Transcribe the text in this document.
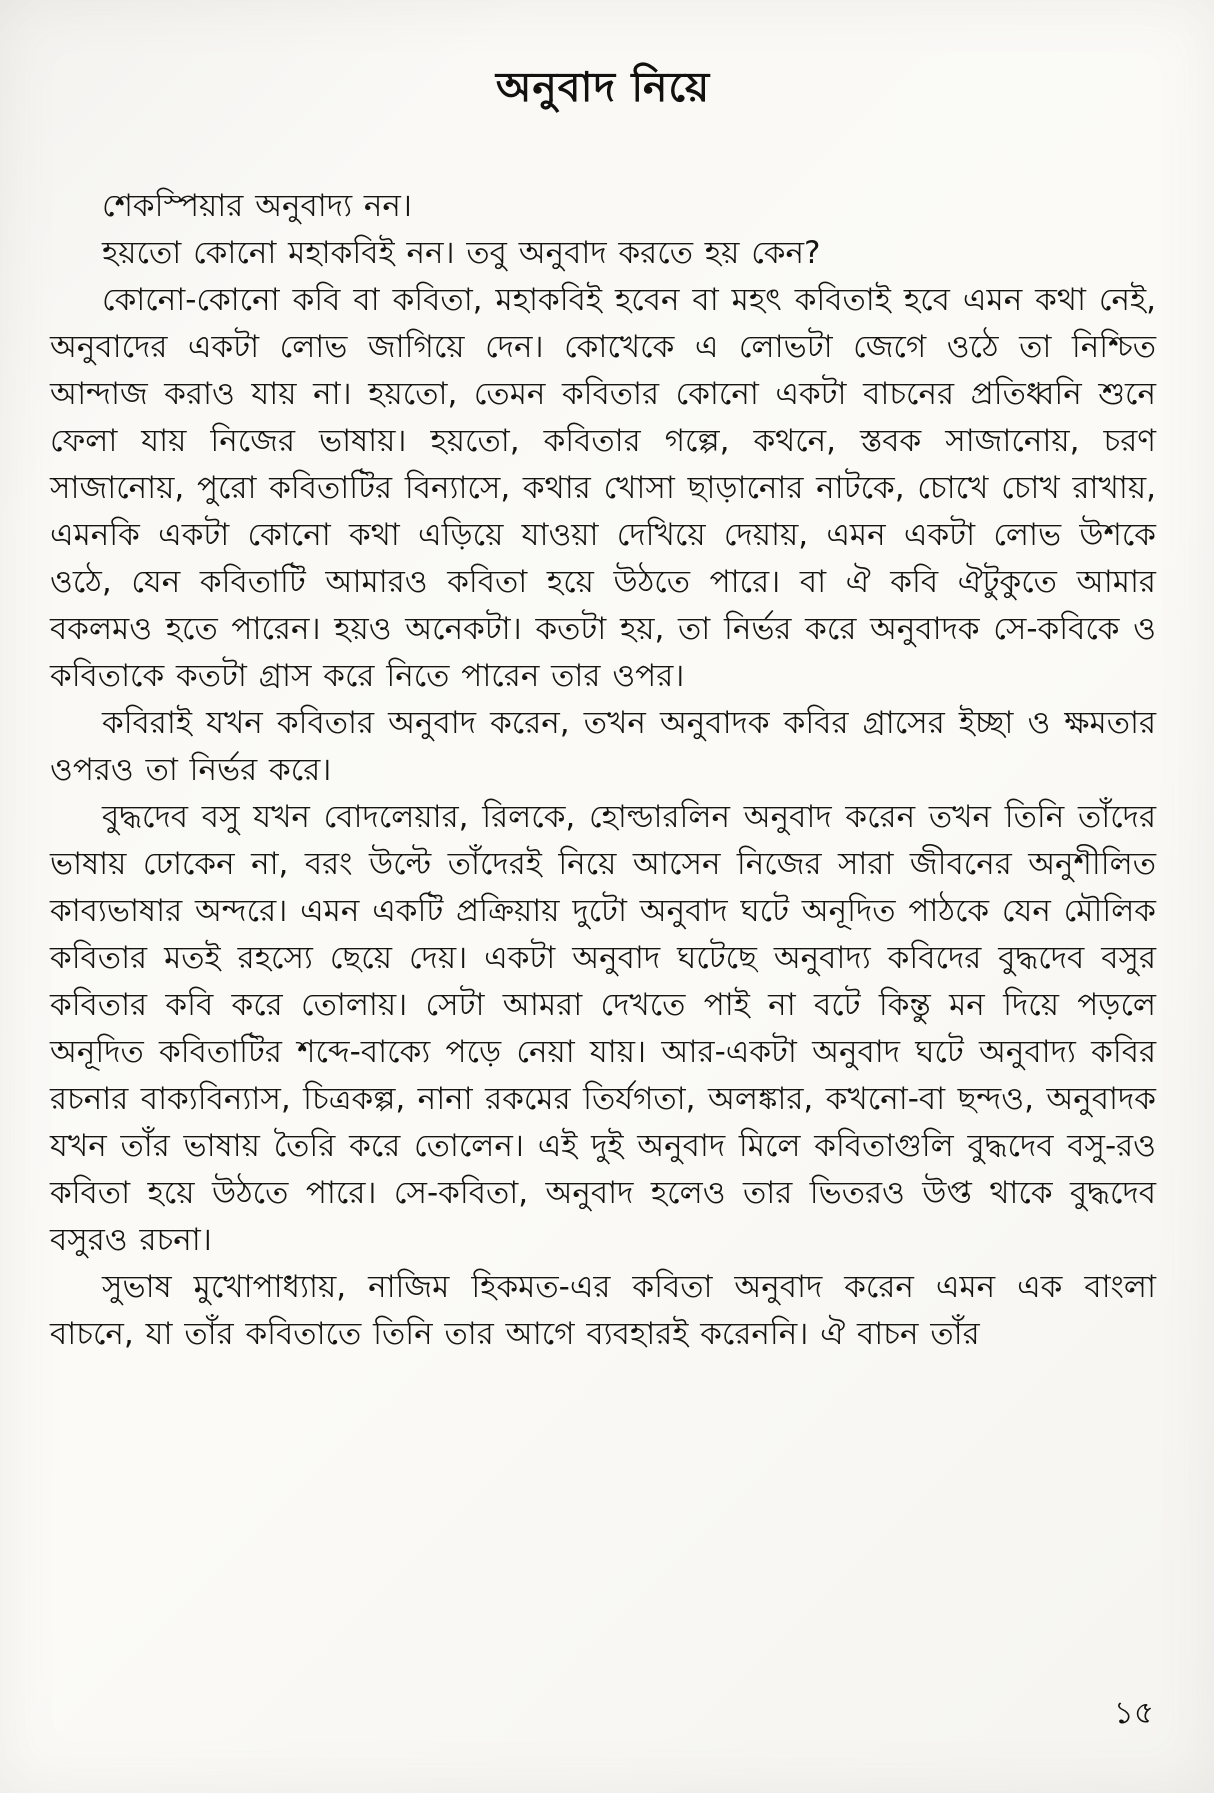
অনুবাদ নিয়ে

শেকস্পিয়ার অনুবাদ্য নন।

হয়তো কোনো মহাকবিই নন। তবু অনুবাদ করতে হয় কেন?

কোনো-কোনো কবি বা কবিতা, মহাকবিই হবেন বা মহৎ কবিতাই হবে এমন কথা নেই, অনুবাদের একটা লোভ জাগিয়ে দেন। কোখেকে এ লোভটা জেগে ওঠে তা নিশ্চিত আন্দাজ করাও যায় না। হয়তো, তেমন কবিতার কোনো একটা বাচনের প্রতিধ্বনি শুনে ফেলা যায় নিজের ভাষায়। হয়তো, কবিতার গল্পে, কথনে, স্তবক সাজানোয়, চরণ সাজানোয়, পুরো কবিতাটির বিন্যাসে, কথার খোসা ছাড়ানোর নাটকে, চোখে চোখ রাখায়, এমনকি একটা কোনো কথা এড়িয়ে যাওয়া দেখিয়ে দেয়ায়, এমন একটা লোভ উশকে ওঠে, যেন কবিতাটি আমারও কবিতা হয়ে উঠতে পারে। বা ঐ কবি ঐটুকুতে আমার বকলমও হতে পারেন। হয়ও অনেকটা। কতটা হয়, তা নির্ভর করে অনুবাদক সে-কবিকে ও কবিতাকে কতটা গ্রাস করে নিতে পারেন তার ওপর।

কবিরাই যখন কবিতার অনুবাদ করেন, তখন অনুবাদক কবির গ্রাসের ইচ্ছা ও ক্ষমতার ওপরও তা নির্ভর করে।

বুদ্ধদেব বসু যখন বোদলেয়ার, রিলকে, হোল্ডারলিন অনুবাদ করেন তখন তিনি তাঁদের ভাষায় ঢোকেন না, বরং উল্টে তাঁদেরই নিয়ে আসেন নিজের সারা জীবনের অনুশীলিত কাব্যভাষার অন্দরে। এমন একটি প্রক্রিয়ায় দুটো অনুবাদ ঘটে অনূদিত পাঠকে যেন মৌলিক কবিতার মতই রহস্যে ছেয়ে দেয়। একটা অনুবাদ ঘটেছে অনুবাদ্য কবিদের বুদ্ধদেব বসুর কবিতার কবি করে তোলায়। সেটা আমরা দেখতে পাই না বটে কিন্তু মন দিয়ে পড়লে অনূদিত কবিতাটির শব্দে-বাক্যে পড়ে নেয়া যায়। আর-একটা অনুবাদ ঘটে অনুবাদ্য কবির রচনার বাক্যবিন্যাস, চিত্রকল্প, নানা রকমের তির্যগতা, অলঙ্কার, কখনো-বা ছন্দও, অনুবাদক যখন তাঁর ভাষায় তৈরি করে তোলেন। এই দুই অনুবাদ মিলে কবিতাগুলি বুদ্ধদেব বসু-রও কবিতা হয়ে উঠতে পারে। সে-কবিতা, অনুবাদ হলেও তার ভিতরও উপ্ত থাকে বুদ্ধদেব বসুরও রচনা।

সুভাষ মুখোপাধ্যায়, নাজিম হিকমত-এর কবিতা অনুবাদ করেন এমন এক বাংলা বাচনে, যা তাঁর কবিতাতে তিনি তার আগে ব্যবহারই করেননি। ঐ বাচন তাঁর

১৫
